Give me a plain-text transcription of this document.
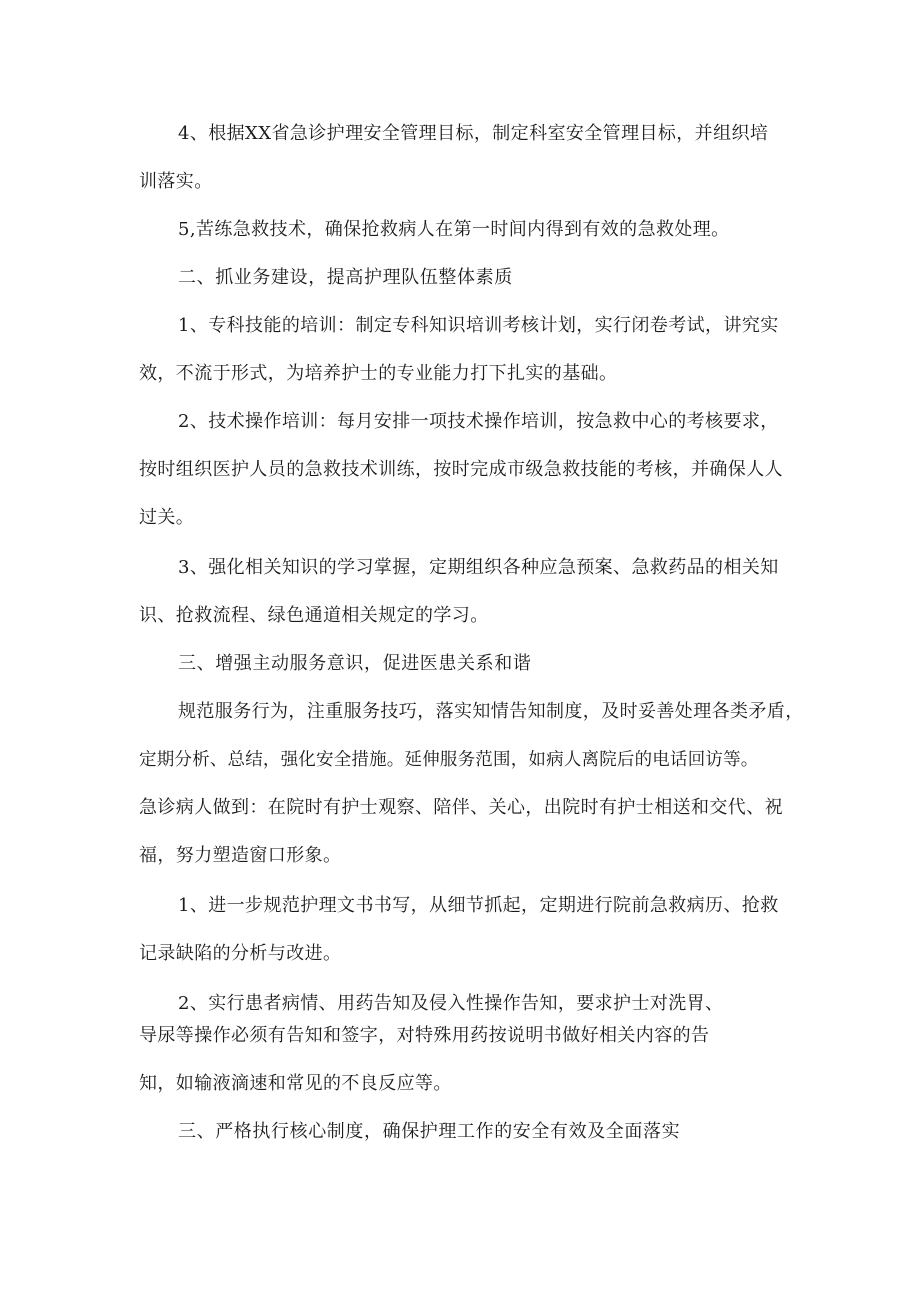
4、根据XX省急诊护理安全管理目标，制定科室安全管理目标，并组织培
训落实。
5,苦练急救技术，确保抢救病人在第一时间内得到有效的急救处理。
二、抓业务建设，提高护理队伍整体素质
1、专科技能的培训：制定专科知识培训考核计划，实行闭卷考试，讲究实
效，不流于形式，为培养护士的专业能力打下扎实的基础。
2、技术操作培训：每月安排一项技术操作培训，按急救中心的考核要求，
按时组织医护人员的急救技术训练，按时完成市级急救技能的考核，并确保人人
过关。
3、强化相关知识的学习掌握，定期组织各种应急预案、急救药品的相关知
识、抢救流程、绿色通道相关规定的学习。
三、增强主动服务意识，促进医患关系和谐
规范服务行为，注重服务技巧，落实知情告知制度，及时妥善处理各类矛盾，
定期分析、总结，强化安全措施。延伸服务范围，如病人离院后的电话回访等。
急诊病人做到：在院时有护士观察、陪伴、关心，出院时有护士相送和交代、祝
福，努力塑造窗口形象。
1、进一步规范护理文书书写，从细节抓起，定期进行院前急救病历、抢救
记录缺陷的分析与改进。
2、实行患者病情、用药告知及侵入性操作告知，要求护士对洗胃、
导尿等操作必须有告知和签字，对特殊用药按说明书做好相关内容的告
知，如输液滴速和常见的不良反应等。
三、严格执行核心制度，确保护理工作的安全有效及全面落实
